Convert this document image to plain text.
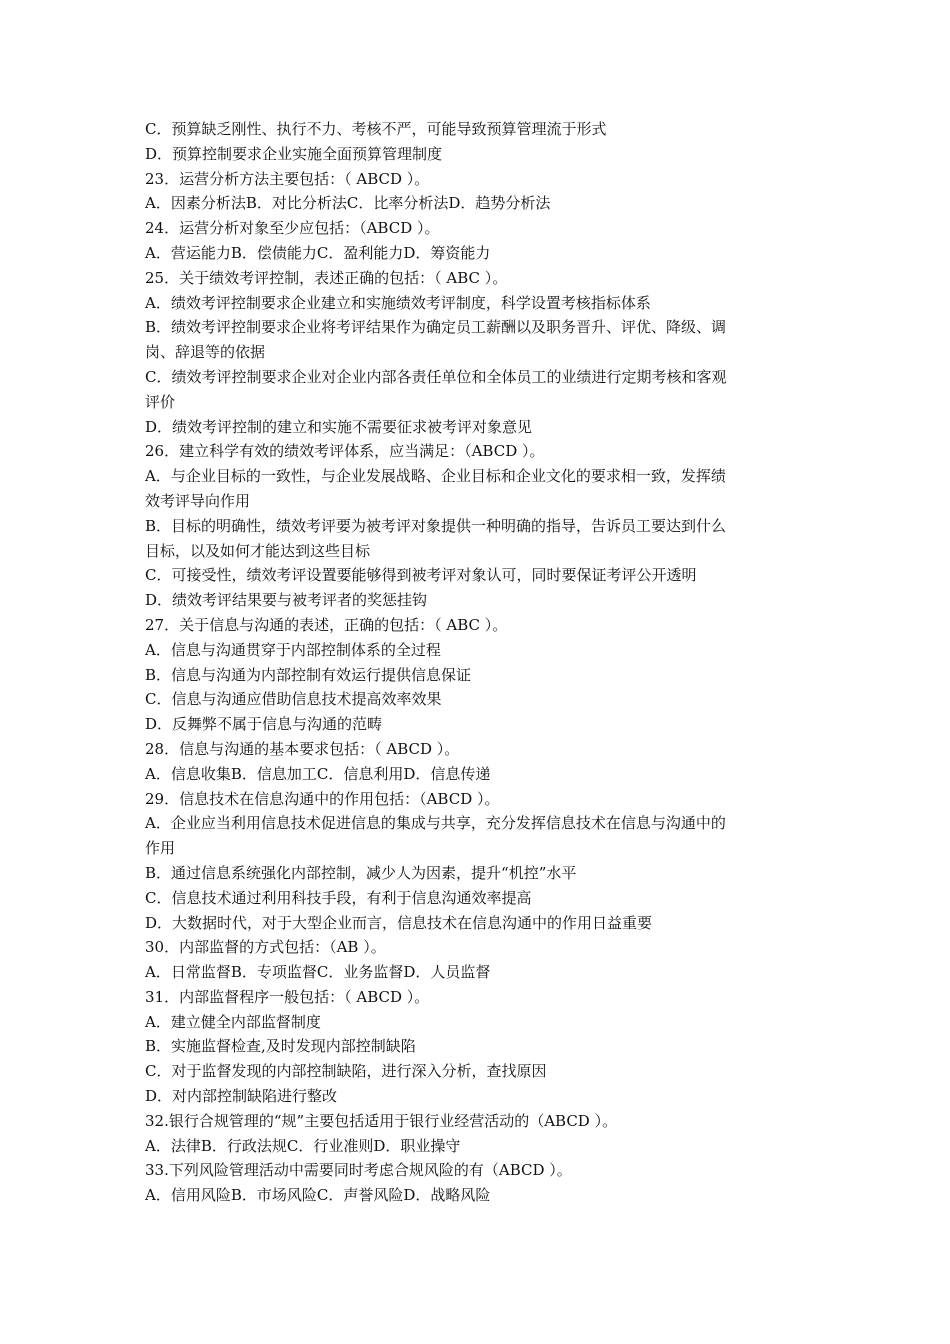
C．预算缺乏刚性、执行不力、考核不严，可能导致预算管理流于形式
D．预算控制要求企业实施全面预算管理制度
23．运营分析方法主要包括：（ ABCD ）。
A．因素分析法B．对比分析法C．比率分析法D．趋势分析法
24．运营分析对象至少应包括：（ABCD ）。
A．营运能力B．偿债能力C．盈利能力D．筹资能力
25．关于绩效考评控制，表述正确的包括：（ ABC ）。
A．绩效考评控制要求企业建立和实施绩效考评制度，科学设置考核指标体系
B．绩效考评控制要求企业将考评结果作为确定员工薪酬以及职务晋升、评优、降级、调
岗、辞退等的依据
C．绩效考评控制要求企业对企业内部各责任单位和全体员工的业绩进行定期考核和客观
评价
D．绩效考评控制的建立和实施不需要征求被考评对象意见
26．建立科学有效的绩效考评体系，应当满足：（ABCD ）。
A．与企业目标的一致性，与企业发展战略、企业目标和企业文化的要求相一致，发挥绩
效考评导向作用
B．目标的明确性，绩效考评要为被考评对象提供一种明确的指导，告诉员工要达到什么
目标，以及如何才能达到这些目标
C．可接受性，绩效考评设置要能够得到被考评对象认可，同时要保证考评公开透明
D．绩效考评结果要与被考评者的奖惩挂钩
27．关于信息与沟通的表述，正确的包括：（ ABC ）。
A．信息与沟通贯穿于内部控制体系的全过程
B．信息与沟通为内部控制有效运行提供信息保证
C．信息与沟通应借助信息技术提高效率效果
D．反舞弊不属于信息与沟通的范畴
28．信息与沟通的基本要求包括：（ ABCD ）。
A．信息收集B．信息加工C．信息利用D．信息传递
29．信息技术在信息沟通中的作用包括：（ABCD ）。
A．企业应当利用信息技术促进信息的集成与共享，充分发挥信息技术在信息与沟通中的
作用
B．通过信息系统强化内部控制，减少人为因素，提升“机控”水平
C．信息技术通过利用科技手段，有利于信息沟通效率提高
D．大数据时代，对于大型企业而言，信息技术在信息沟通中的作用日益重要
30．内部监督的方式包括：（AB ）。
A．日常监督B．专项监督C．业务监督D．人员监督
31．内部监督程序一般包括：（ ABCD ）。
A．建立健全内部监督制度
B．实施监督检查,及时发现内部控制缺陷
C．对于监督发现的内部控制缺陷，进行深入分析，查找原因
D．对内部控制缺陷进行整改
32.银行合规管理的“规”主要包括适用于银行业经营活动的（ABCD ）。
A．法律B．行政法规C．行业准则D．职业操守
33.下列风险管理活动中需要同时考虑合规风险的有（ABCD ）。
A．信用风险B．市场风险C．声誉风险D．战略风险
